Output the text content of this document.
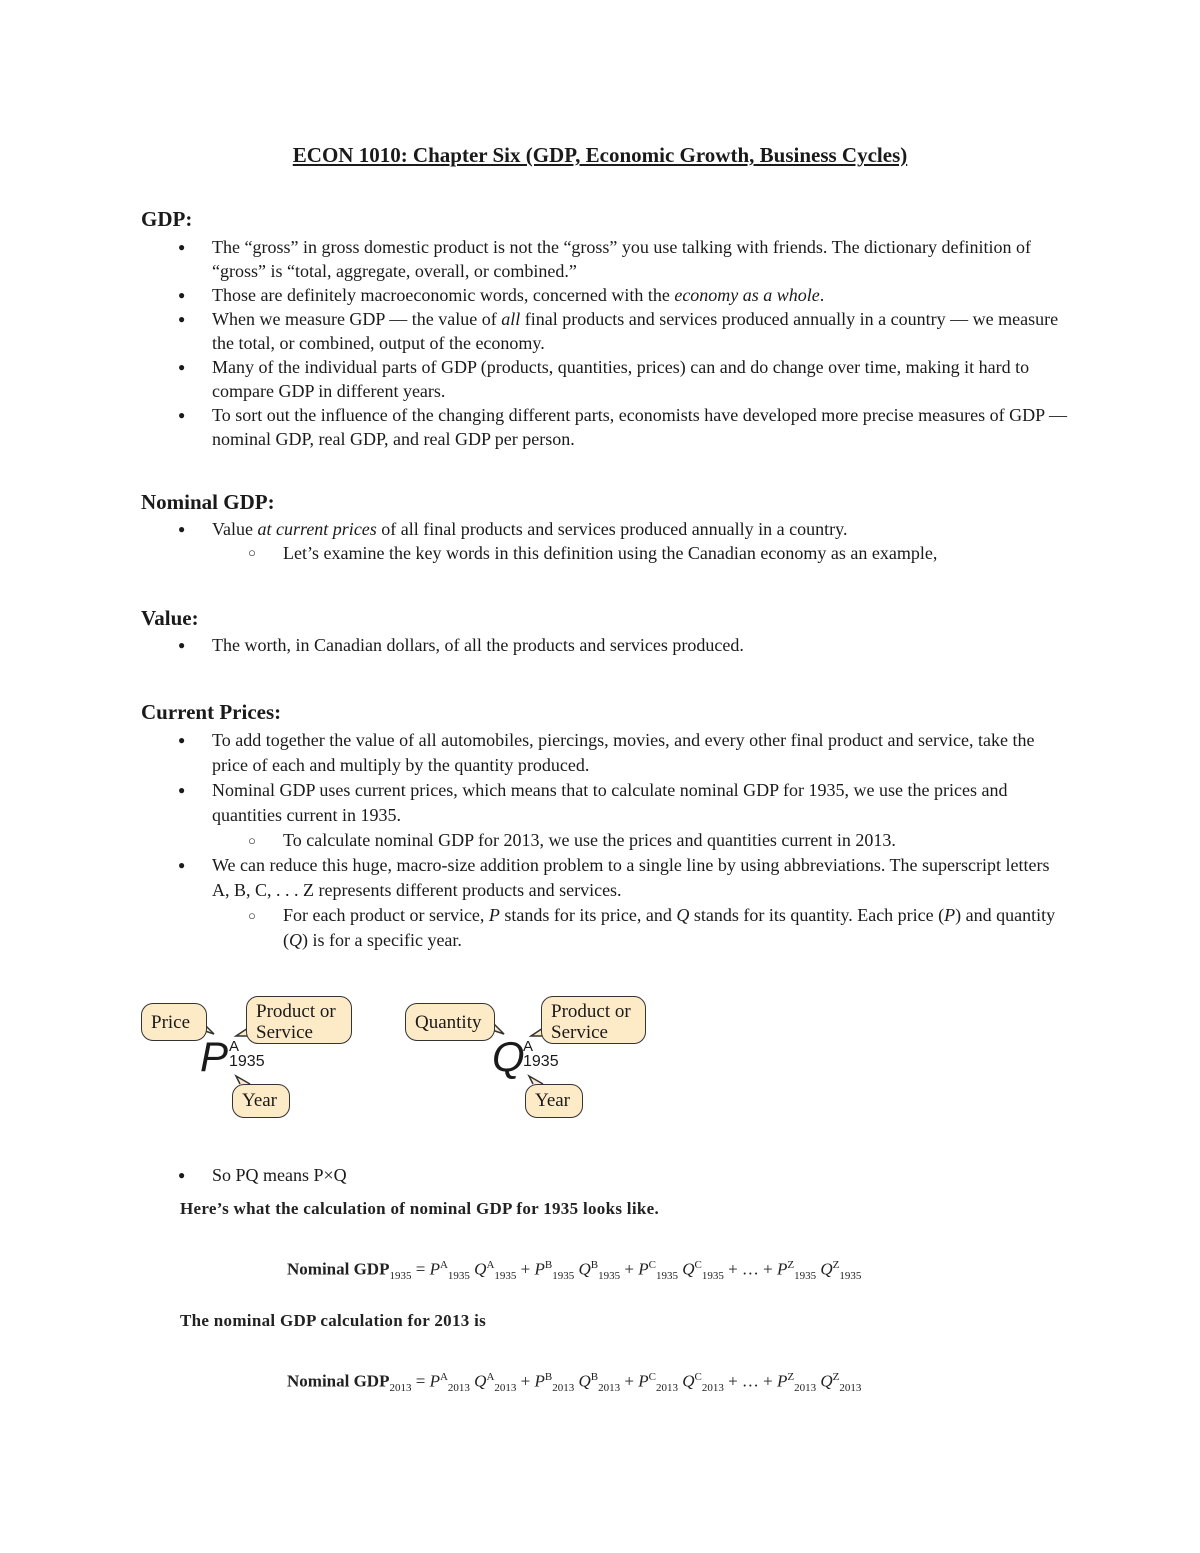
ECON 1010: Chapter Six (GDP, Economic Growth, Business Cycles)
GDP:
● The “gross” in gross domestic product is not the “gross” you use talking with friends. The dictionary definition of “gross” is “total, aggregate, overall, or combined.”
● Those are definitely macroeconomic words, concerned with the economy as a whole.
● When we measure GDP — the value of all final products and services produced annually in a country — we measure the total, or combined, output of the economy.
● Many of the individual parts of GDP (products, quantities, prices) can and do change over time, making it hard to compare GDP in different years.
● To sort out the influence of the changing different parts, economists have developed more precise measures of GDP — nominal GDP, real GDP, and real GDP per person.
Nominal GDP:
● Value at current prices of all final products and services produced annually in a country.
○ Let’s examine the key words in this definition using the Canadian economy as an example,
Value:
● The worth, in Canadian dollars, of all the products and services produced.
Current Prices:
● To add together the value of all automobiles, piercings, movies, and every other final product and service, take the price of each and multiply by the quantity produced.
● Nominal GDP uses current prices, which means that to calculate nominal GDP for 1935, we use the prices and quantities current in 1935.
○ To calculate nominal GDP for 2013, we use the prices and quantities current in 2013.
● We can reduce this huge, macro-size addition problem to a single line by using abbreviations. The superscript letters A, B, C, . . . Z represents different products and services.
○ For each product or service, P stands for its price, and Q stands for its quantity. Each price (P) and quantity (Q) is for a specific year.
Price
Product or Service
P A
1935
Year
Quantity
Product or Service
Q
A
1935
Year
● So PQ means P×Q
Here’s what the calculation of nominal GDP for 1935 looks like.
Nominal $GDP_{1935} = P^A_{1935}$ $Q^A_{1935} + P^B_{1935}$ $Q^B_{1935} + P^C_{1935}$ $Q^C_{1935}$ + … + $P^Z_{1935}$ $Q^Z_{1935}$
The nominal GDP calculation for 2013 is
Nominal $GDP_{2013} = P^A_{2013}$ $Q^A_{2013} + P^B_{2013}$ $Q^B_{2013} + P^C_{2013}$ $Q^C_{2013}$ + … + $P^Z_{2013}$ $Q^Z_{2013}$
